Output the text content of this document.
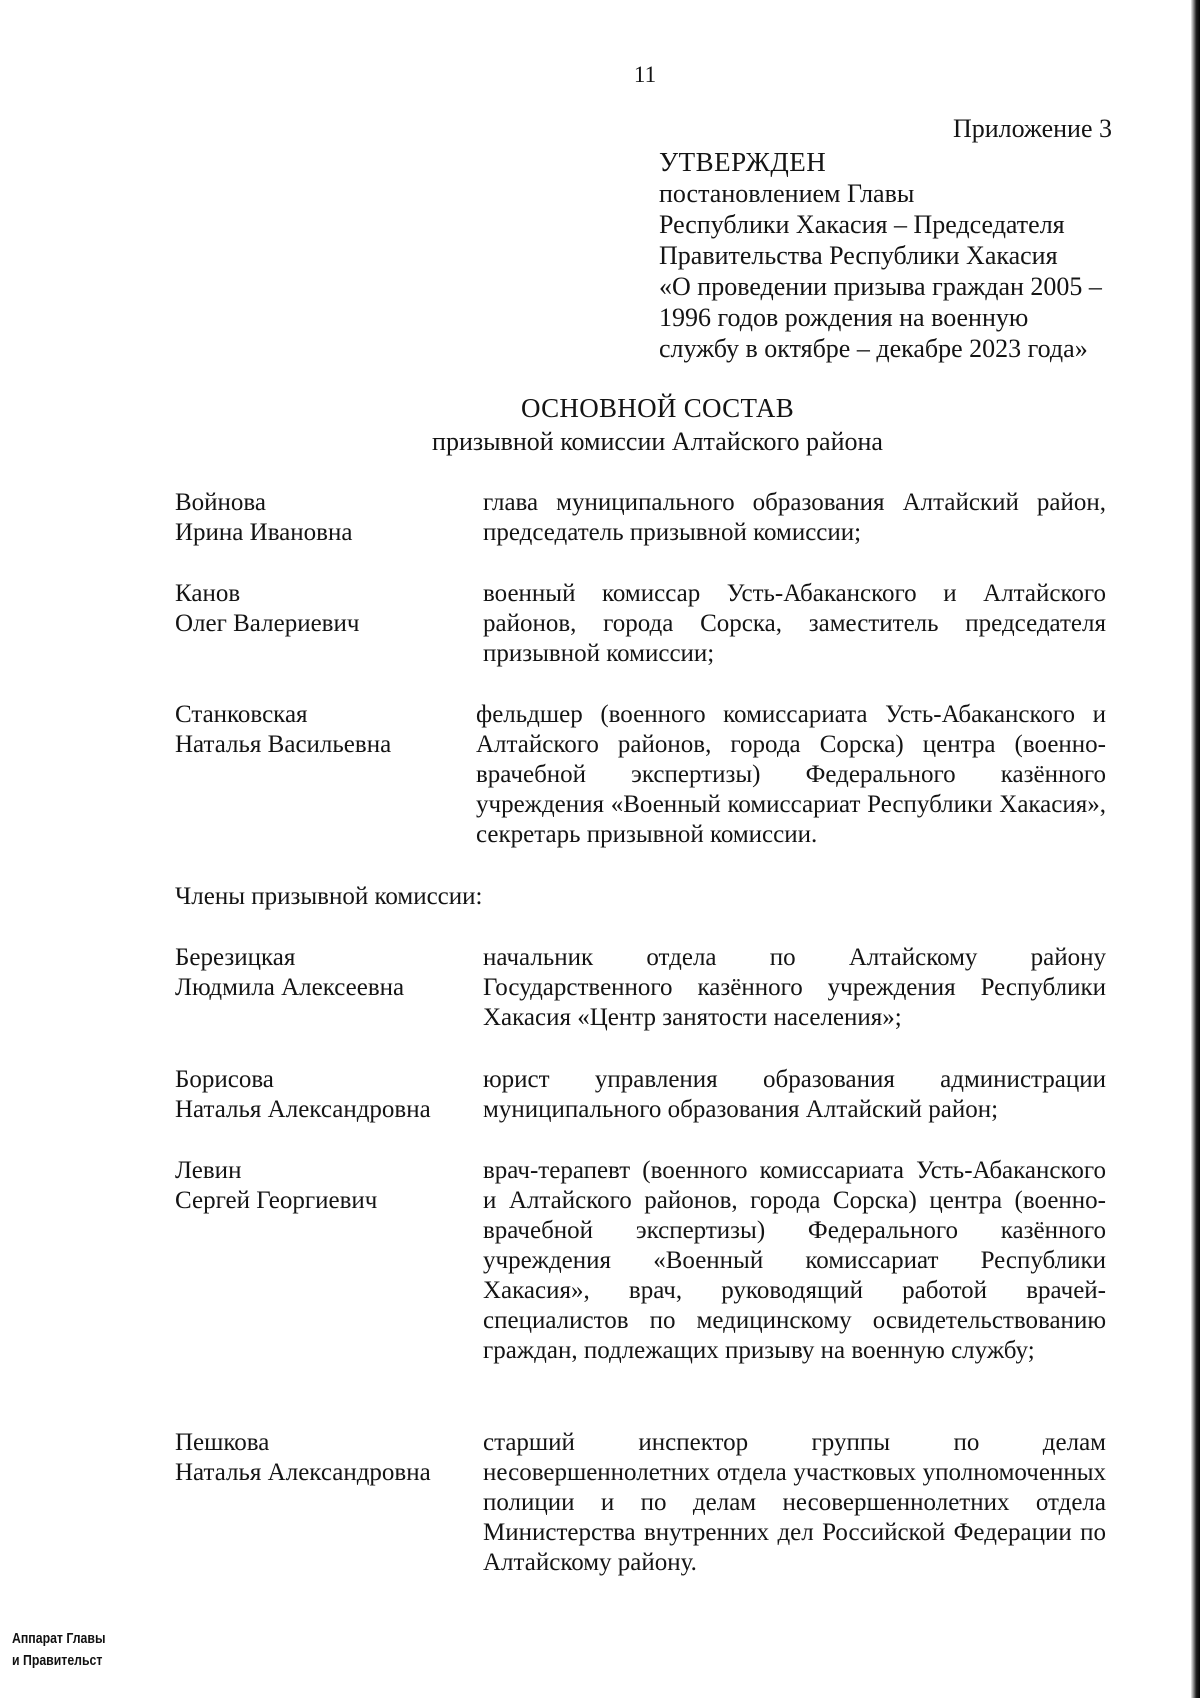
11
Приложение 3
УТВЕРЖДЕН
постановлением Главы
Республики Хакасия – Председателя
Правительства Республики Хакасия
«О проведении призыва граждан 2005 –
1996 годов рождения на военную
службу в октябре – декабре 2023 года»
ОСНОВНОЙ СОСТАВ
призывной комиссии Алтайского района
Войнова
Ирина Ивановна
глава муниципального образования Алтайский район, председатель призывной комиссии;
Канов
Олег Валериевич
военный комиссар Усть-Абаканского и Алтайского районов, города Сорска, заместитель председателя призывной комиссии;
Станковская
Наталья Васильевна
фельдшер (военного комиссариата Усть-Абаканского и Алтайского районов, города Сорска) центра (военно-врачебной экспертизы) Федерального казённого учреждения «Военный комиссариат Республики Хакасия», секретарь призывной комиссии.
Члены призывной комиссии:
Березицкая
Людмила Алексеевна
начальник отдела по Алтайскому району Государственного казённого учреждения Республики Хакасия «Центр занятости населения»;
Борисова
Наталья Александровна
юрист управления образования администрации муниципального образования Алтайский район;
Левин
Сергей Георгиевич
врач-терапевт (военного комиссариата Усть-Абаканского и Алтайского районов, города Сорска) центра (военно-врачебной экспертизы) Федерального казённого учреждения «Военный комиссариат Республики Хакасия», врач, руководящий работой врачей-специалистов по медицинскому освидетельствованию граждан, подлежащих призыву на военную службу;
Пешкова
Наталья Александровна
старший инспектор группы по делам несовершеннолетних отдела участковых уполномоченных полиции и по делам несовершеннолетних отдела Министерства внутренних дел Российской Федерации по Алтайскому району.
Аппарат Главы
и Правительст
